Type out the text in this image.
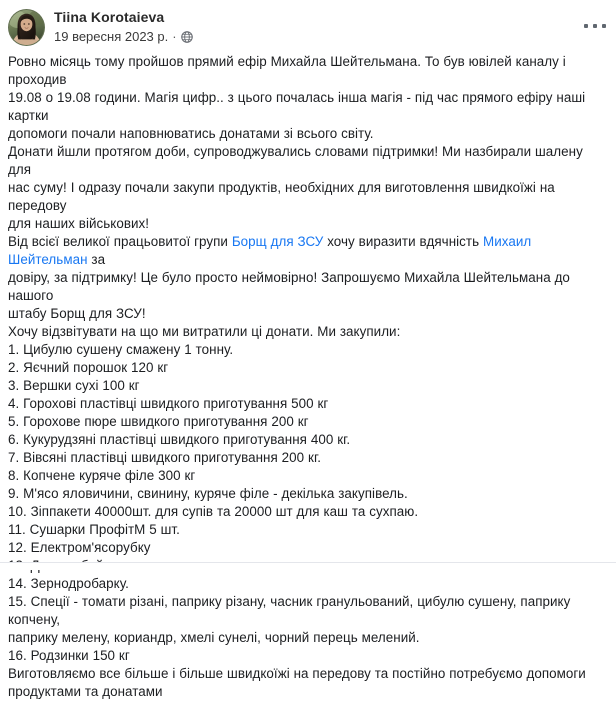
Tiina Korotaieva
19 вересня 2023 р. ·

Ровно місяць тому пройшов прямий ефір Михайла Шейтельмана. То був ювілей каналу і проходив
19.08 о 19.08 години. Магія цифр.. з цього почалась інша магія - під час прямого ефіру наші картки
допомоги почали наповнюватись донатами зі всього світу.
Донати йшли протягом доби, супроводжувались словами підтримки! Ми назбирали шалену для
нас суму! І одразу почали закупи продуктів, необхідних для виготовлення швидкоїжі на передову
для наших військових!
Від всієї великої працьовитої групи Борщ для ЗСУ хочу виразити вдячність Михаил Шейтельман за
довіру, за підтримку! Це було просто неймовірно! Запрошуємо Михайла Шейтельмана до нашого
штабу Борщ для ЗСУ!
Хочу відзвітувати на що ми витратили ці донати. Ми закупили:
1. Цибулю сушену смажену 1 тонну.
2. Яєчний порошок 120 кг
3. Вершки сухі 100 кг
4. Горохові пластівці швидкого приготування 500 кг
5. Горохове пюре швидкого приготування 200 кг
6. Кукурудзяні пластівці швидкого приготування 400 кг.
7. Вівсяні пластівці швидкого приготування 200 кг.
8. Копчене куряче філе 300 кг
9. М'ясо яловичини, свинину, куряче філе - декілька закупівель.
10. Зіппакети 40000шт. для супів та 20000 шт для каш та сухпаю.
11. Сушарки ПрофітМ 5 шт.
12. Електром'ясорубку
14. Зернодробарку.
15. Спеції - томати різані, паприку різану, часник гранульований, цибулю сушену, паприку копчену,
паприку мелену, кориандр, хмелі сунелі, чорний перець мелений.
16. Родзинки 150 кг
Виготовляємо все більше і більше швидкоїжі на передову та постійно потребуємо допомоги
продуктами та донатами
